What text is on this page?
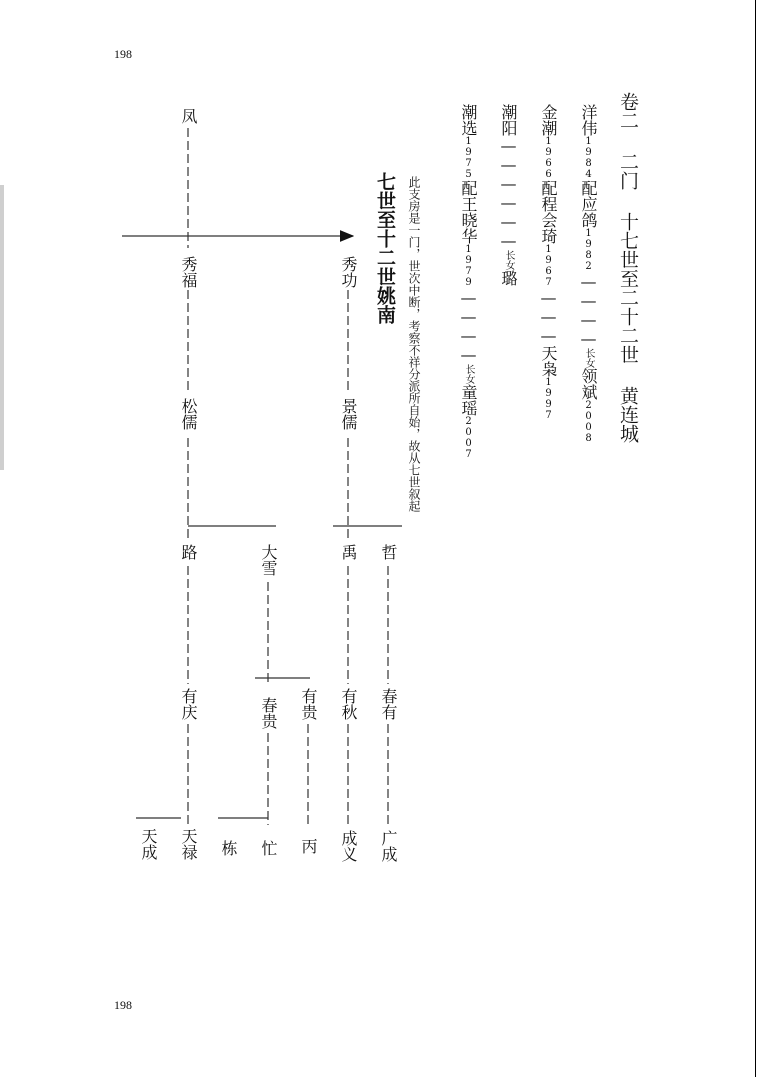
198
198
卷二 二门 十七世至二十二世 黄连城
洋伟1984配应鸽1982————长女领斌2008
金潮1966配程会琦1967———天枭1997
潮阳——————长女璐
潮选1975配王晓华1979————长女童瑶2007
此支房是一门，世次中断，考察不祥分派所自始，故从七世叙起
七世至十二世姚南
凤
秀福	秀功
松儒	景儒
路	大雪	禹 哲
有庆	春贵 有贵 有秋 春有
天成 天禄 栋 忙 丙 成义 广成
